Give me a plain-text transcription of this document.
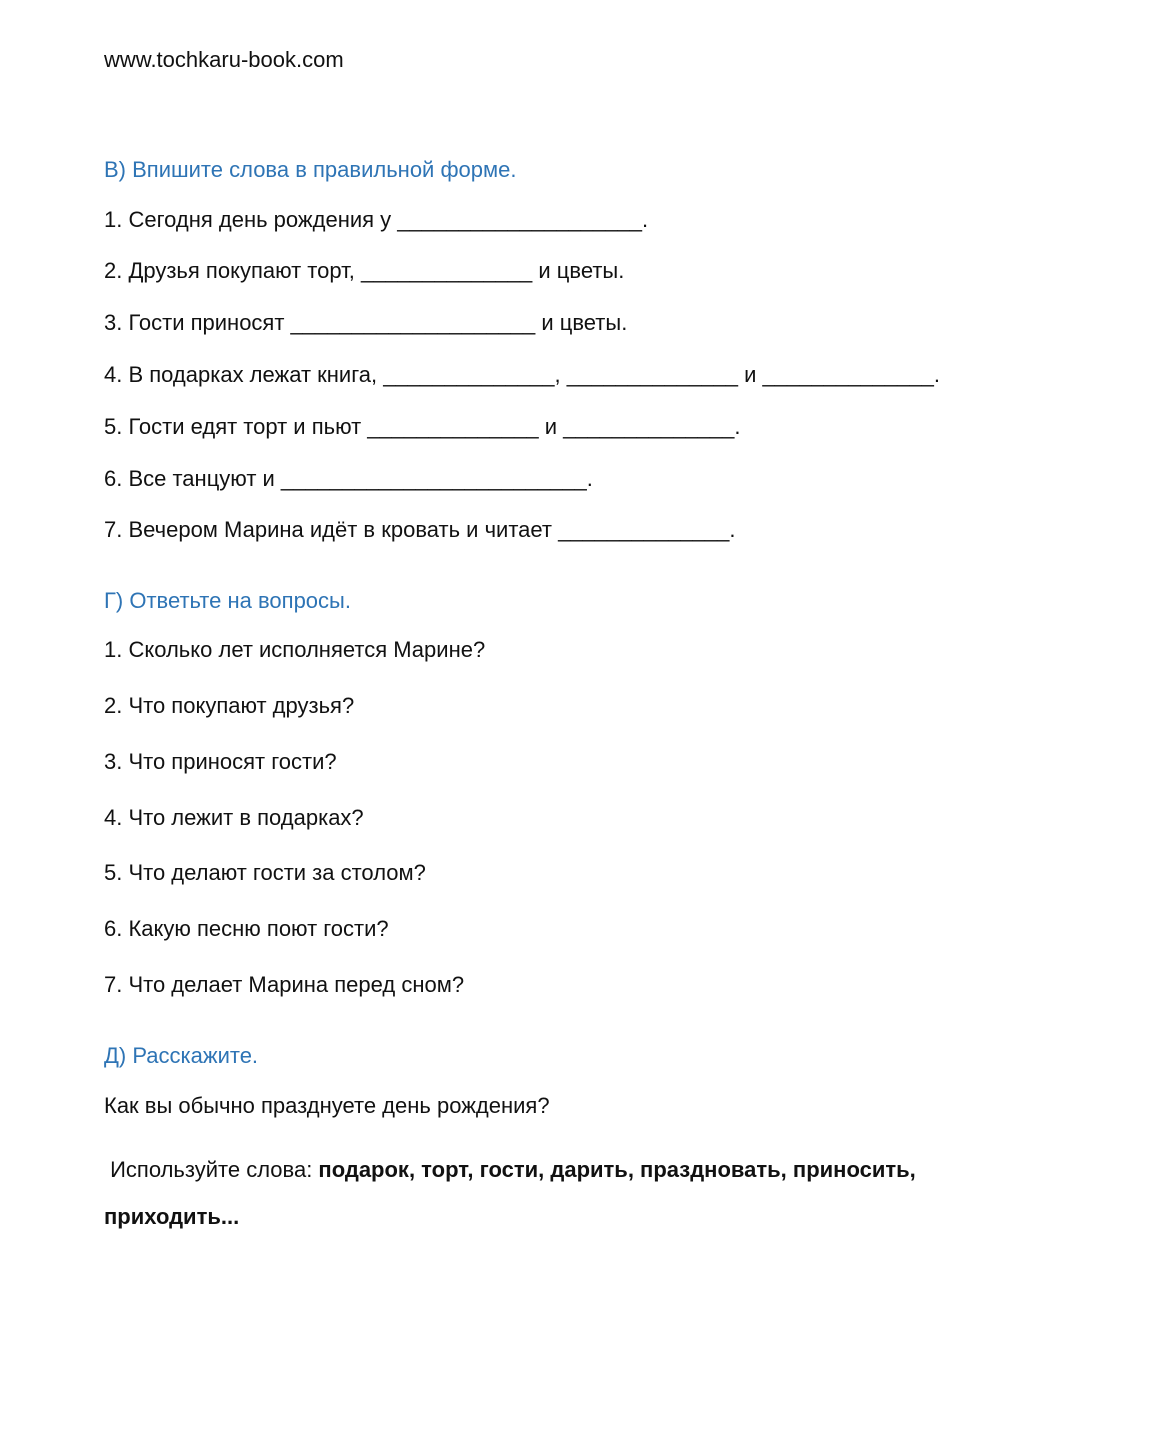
www.tochkaru-book.com
В) Впишите слова в правильной форме.
1. Сегодня день рождения у ____________________.
2. Друзья покупают торт, ______________ и цветы.
3. Гости приносят ____________________ и цветы.
4. В подарках лежат книга, ______________, ______________ и ______________.
5. Гости едят торт и пьют ______________ и ______________.
6. Все танцуют и _________________________.
7. Вечером Марина идёт в кровать и читает ______________.
Г) Ответьте на вопросы.
1. Сколько лет исполняется Марине?
2. Что покупают друзья?
3. Что приносят гости?
4. Что лежит в подарках?
5. Что делают гости за столом?
6. Какую песню поют гости?
7. Что делает Марина перед сном?
Д) Расскажите.
Как вы обычно празднуете день рождения?
Используйте слова: подарок, торт, гости, дарить, праздновать, приносить,
приходить...
